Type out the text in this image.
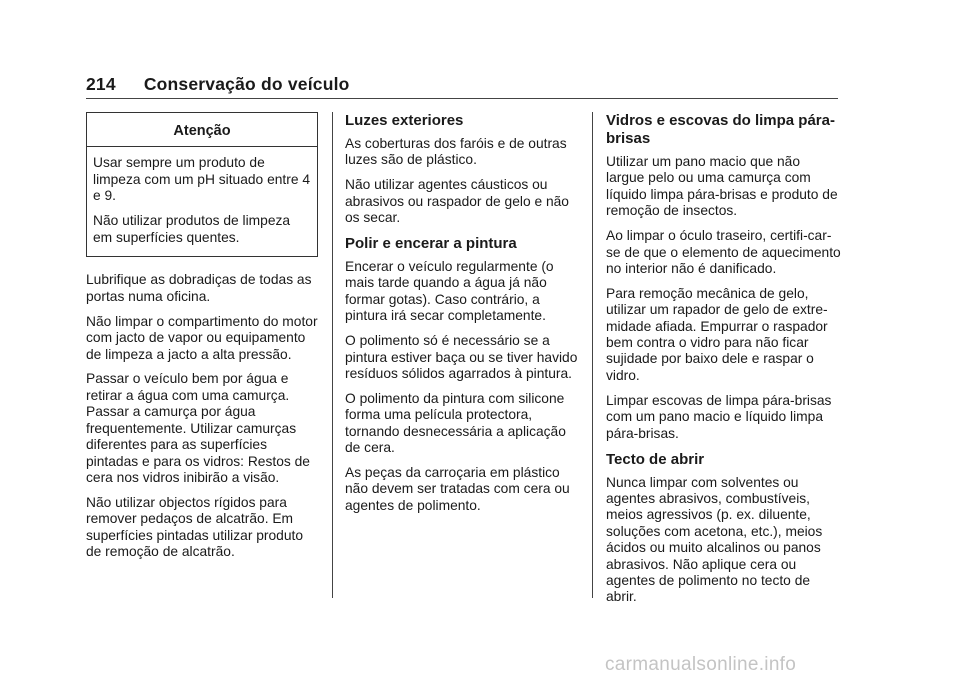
214 Conservação do veículo
Atenção

Usar sempre um produto de limpeza com um pH situado entre 4 e 9.

Não utilizar produtos de limpeza em superfícies quentes.

Lubrifique as dobradiças de todas as portas numa oficina.

Não limpar o compartimento do motor com jacto de vapor ou equipamento de limpeza a jacto a alta pressão.

Passar o veículo bem por água e retirar a água com uma camurça. Passar a camurça por água frequentemente. Utilizar camurças diferentes para as superfícies pintadas e para os vidros: Restos de cera nos vidros inibirão a visão.

Não utilizar objectos rígidos para remover pedaços de alcatrão. Em superfícies pintadas utilizar produto de remoção de alcatrão.

Luzes exteriores

As coberturas dos faróis e de outras luzes são de plástico.

Não utilizar agentes cáusticos ou abrasivos ou raspador de gelo e não os secar.

Polir e encerar a pintura

Encerar o veículo regularmente (o mais tarde quando a água já não formar gotas). Caso contrário, a pintura irá secar completamente.

O polimento só é necessário se a pintura estiver baça ou se tiver havido resíduos sólidos agarrados à pintura.

O polimento da pintura com silicone forma uma película protectora, tornando desnecessária a aplicação de cera.

As peças da carroçaria em plástico não devem ser tratadas com cera ou agentes de polimento.

Vidros e escovas do limpa pára-brisas

Utilizar um pano macio que não largue pelo ou uma camurça com líquido limpa pára-brisas e produto de remoção de insectos.

Ao limpar o óculo traseiro, certifi-car-se de que o elemento de aquecimento no interior não é danificado.

Para remoção mecânica de gelo, utilizar um rapador de gelo de extre-midade afiada. Empurrar o raspador bem contra o vidro para não ficar sujidade por baixo dele e raspar o vidro.

Limpar escovas de limpa pára-brisas com um pano macio e líquido limpa pára-brisas.

Tecto de abrir

Nunca limpar com solventes ou agentes abrasivos, combustíveis, meios agressivos (p. ex. diluente, soluções com acetona, etc.), meios ácidos ou muito alcalinos ou panos abrasivos. Não aplique cera ou agentes de polimento no tecto de abrir.

carmanualsonline.info
